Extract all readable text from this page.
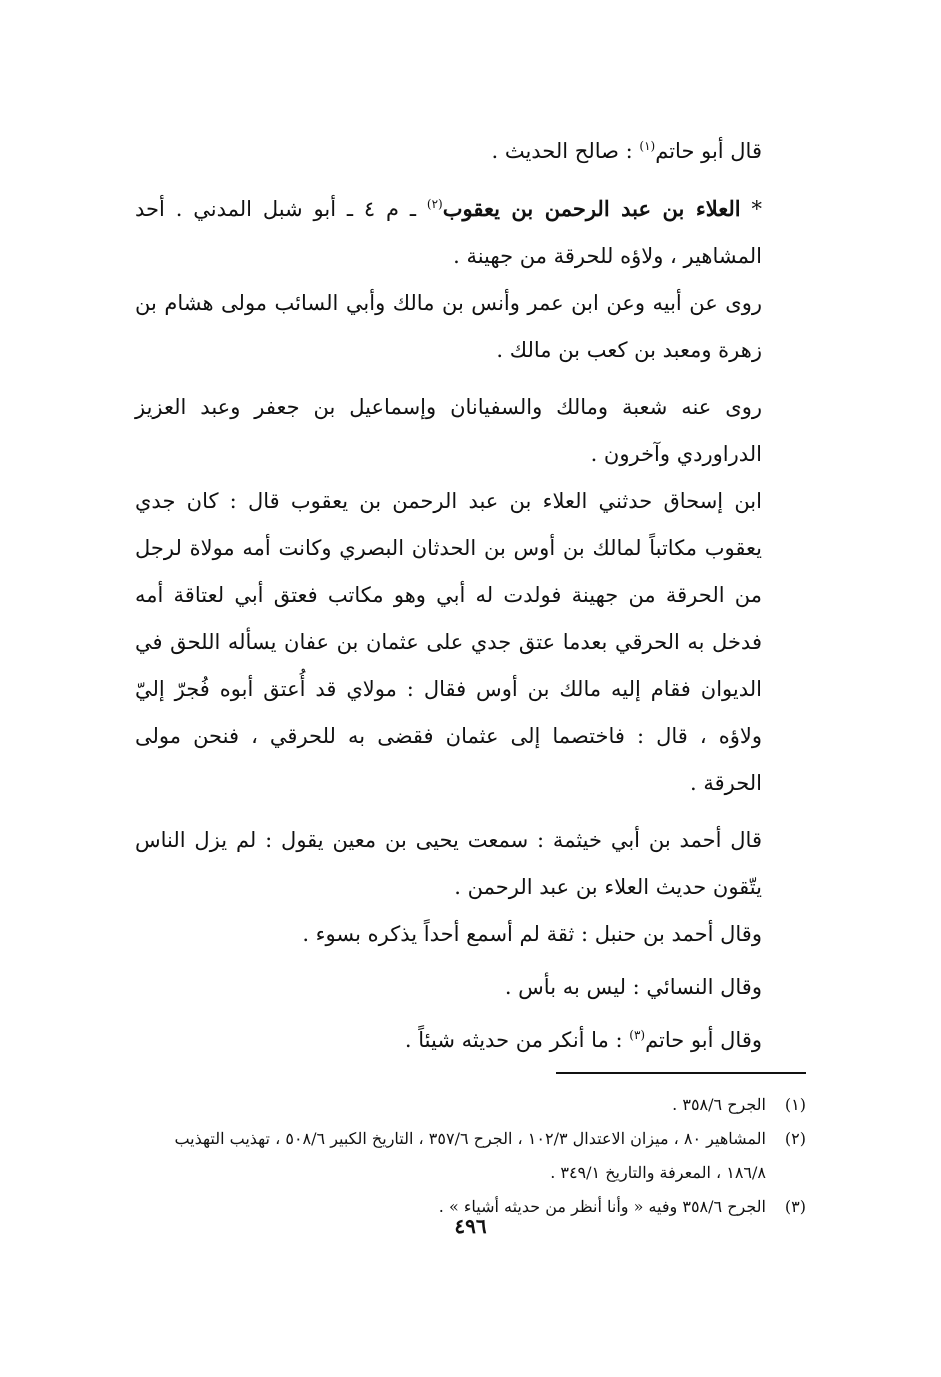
قال أبو حاتم$^{(١)}$ : صالح الحديث .

* العلاء بن عبد الرحمن بن يعقوب$^{(٢)}$ ـ م ٤ ـ أبو شبل المدني . أحد المشاهير ، ولاؤه للحرقة من جهينة .

روى عن أبيه وعن ابن عمر وأنس بن مالك وأبي السائب مولى هشام بن زهرة ومعبد بن كعب بن مالك .

روى عنه شعبة ومالك والسفيانان وإسماعيل بن جعفر وعبد العزيز الدراوردي وآخرون .

ابن إسحاق حدثني العلاء بن عبد الرحمن بن يعقوب قال : كان جدي يعقوب مكاتباً لمالك بن أوس بن الحدثان البصري وكانت أمه مولاة لرجل من الحرقة من جهينة فولدت له أبي وهو مكاتب فعتق أبي لعتاقة أمه فدخل به الحرقي بعدما عتق جدي على عثمان بن عفان يسأله اللحق في الديوان فقام إليه مالك بن أوس فقال : مولاي قد أُعتق أبوه فُجرّ إليّ ولاؤه ، قال : فاختصما إلى عثمان فقضى به للحرقي ، فنحن مولى الحرقة .

قال أحمد بن أبي خيثمة : سمعت يحيى بن معين يقول : لم يزل الناس يتّقون حديث العلاء بن عبد الرحمن .

وقال أحمد بن حنبل : ثقة لم أسمع أحداً يذكره بسوء .

وقال النسائي : ليس به بأس .

وقال أبو حاتم$^{(٣)}$ : ما أنكر من حديثه شيئاً .

(١)
الجرح ٣٥٨/٦ .
(٢)
المشاهير ٨٠ ، ميزان الاعتدال ١٠٢/٣ ، الجرح ٣٥٧/٦ ، التاريخ الكبير ٥٠٨/٦ ، تهذيب التهذيب ١٨٦/٨ ، المعرفة والتاريخ ٣٤٩/١ .
(٣)
الجرح ٣٥٨/٦ وفيه « وأنا أنظر من حديثه أشياء » .
٤٩٦
